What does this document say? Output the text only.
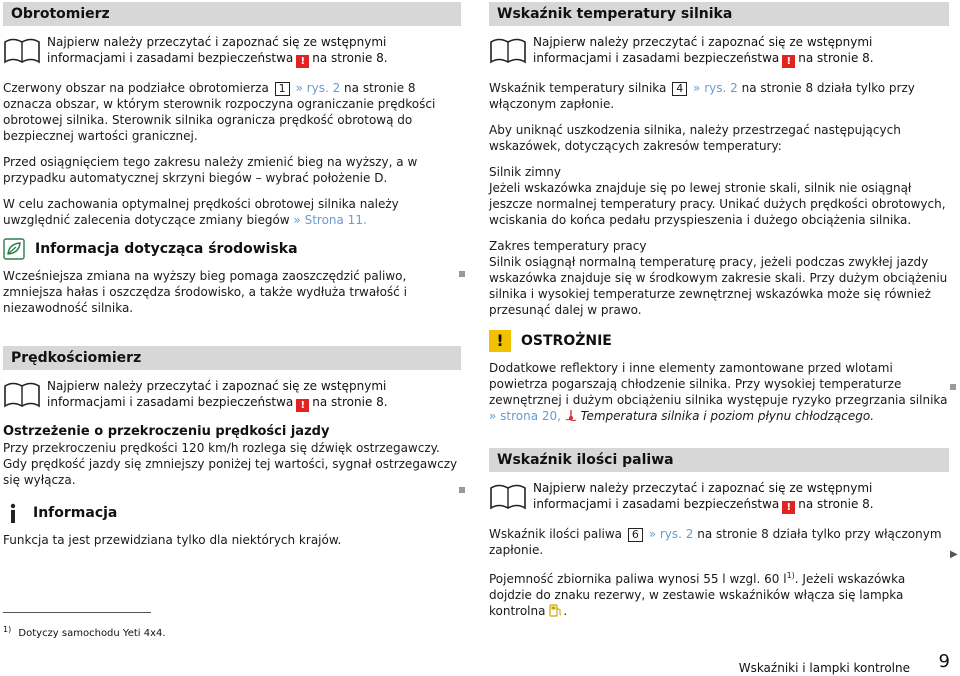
Obrotomierz
Najpierw należy przeczytać i zapoznać się ze wstępnymi informacjami i zasadami bezpieczeństwa ! na stronie 8.

Czerwony obszar na podziałce obrotomierza 1 » rys. 2 na stronie 8 oznacza obszar, w którym sterownik rozpoczyna ograniczanie prędkości obrotowej silnika. Sterownik silnika ogranicza prędkość obrotową do bezpiecznej wartości granicznej.

Przed osiągnięciem tego zakresu należy zmienić bieg na wyższy, a w przypadku automatycznej skrzyni biegów – wybrać położenie D.

W celu zachowania optymalnej prędkości obrotowej silnika należy uwzględnić zalecenia dotyczące zmiany biegów » Strona 11.

Informacja dotycząca środowiska

Wcześniejsza zmiana na wyższy bieg pomaga zaoszczędzić paliwo, zmniejsza hałas i oszczędza środowisko, a także wydłuża trwałość i niezawodność silnika.

Prędkościomierz
Najpierw należy przeczytać i zapoznać się ze wstępnymi informacjami i zasadami bezpieczeństwa ! na stronie 8.

Ostrzeżenie o przekroczeniu prędkości jazdy

Przy przekroczeniu prędkości 120 km/h rozlega się dźwięk ostrzegawczy. Gdy prędkość jazdy się zmniejszy poniżej tej wartości, sygnał ostrzegawczy się wyłącza.

Informacja

Funkcja ta jest przewidziana tylko dla niektórych krajów.

Wskaźnik temperatury silnika
Najpierw należy przeczytać i zapoznać się ze wstępnymi informacjami i zasadami bezpieczeństwa ! na stronie 8.

Wskaźnik temperatury silnika 4 » rys. 2 na stronie 8 działa tylko przy włączonym zapłonie.

Aby uniknąć uszkodzenia silnika, należy przestrzegać następujących wskazówek, dotyczących zakresów temperatury:

Silnik zimny

Jeżeli wskazówka znajduje się po lewej stronie skali, silnik nie osiągnął jeszcze normalnej temperatury pracy. Unikać dużych prędkości obrotowych, wciskania do końca pedału przyspieszenia i dużego obciążenia silnika.

Zakres temperatury pracy

Silnik osiągnął normalną temperaturę pracy, jeżeli podczas zwykłej jazdy wskazówka znajduje się w środkowym zakresie skali. Przy dużym obciążeniu silnika i wysokiej temperaturze zewnętrznej wskazówka może się również przesunąć dalej w prawo.

!	OSTROŻNIE

Dodatkowe reflektory i inne elementy zamontowane przed wlotami powietrza pogarszają chłodzenie silnika. Przy wysokiej temperaturze zewnętrznej i dużym obciążeniu silnika występuje ryzyko przegrzania silnika » strona 20, Temperatura silnika i poziom płynu chłodzącego.

Wskaźnik ilości paliwa
Najpierw należy przeczytać i zapoznać się ze wstępnymi informacjami i zasadami bezpieczeństwa ! na stronie 8.

Wskaźnik ilości paliwa 6 » rys. 2 na stronie 8 działa tylko przy włączonym zapłonie.

Pojemność zbiornika paliwa wynosi 55 l wzgl. 60 $l^{1)}$. Jeżeli wskazówka dojdzie do znaku rezerwy, w zestawie wskaźników włącza się lampka kontrolna .

▶
$^{1)}$ Dotyczy samochodu Yeti 4x4.
Wskaźniki i lampki kontrolne 9
